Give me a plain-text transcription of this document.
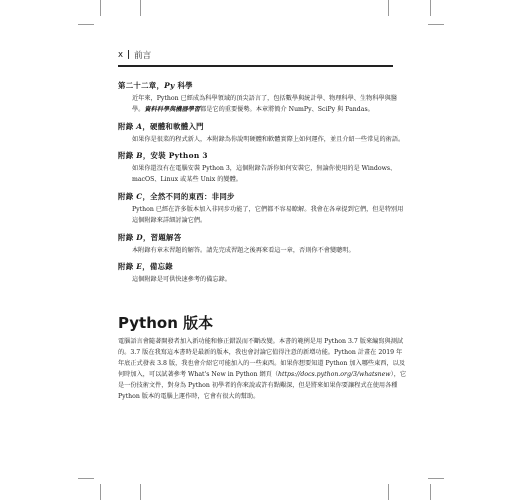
x | 前言
第二十二章，Py 科學
近年來，Python 已經成為科學領域的頂尖語言了，包括數學與統計學、物理科學、生物科學與醫學。資料科學與機器學習都是它的重要優勢。本章將簡介 NumPy、SciPy 與 Pandas。
附錄 A，硬體和軟體入門
如果你是很菜的程式新人，本附錄為你說明硬體和軟體實際上如何運作，並且介紹一些常見的術語。
附錄 B，安裝 Python 3
如果你還沒有在電腦安裝 Python 3，這個附錄告訴你如何安裝它，無論你使用的是 Windows、macOS、Linux 或某些 Unix 的變體。
附錄 C，全然不同的東西：非同步
Python 已經在許多版本加入非同步功能了，它們都不容易瞭解。我會在各章提到它們，但是特別用這個附錄來詳細討論它們。
附錄 D，習題解答
本附錄有章末習題的解答。請先完成習題之後再來看這一章，否則你不會變聰明。
附錄 E，備忘錄
這個附錄是可供快速參考的備忘錄。
Python 版本
電腦語言會隨著開發者加入新功能和修正錯誤而不斷改變。本書的範例是用 Python 3.7 版來編寫與測試的。3.7 版在我寫這本書時是最新的版本，我也會討論它值得注意的新增功能。Python 計畫在 2019 年年底正式發表 3.8 版，我也會介紹它可能加入的一些東西。如果你想要知道 Python 加入哪些東西，以及何時加入，可以試著參考 What's New in Python 網頁（https://docs.python.org/3/whatsnew），它是一份技術文件，對身為 Python 初學者的你來說或許有點艱深，但是將來如果你要讓程式在使用各種 Python 版本的電腦上運作時，它會有很大的幫助。
